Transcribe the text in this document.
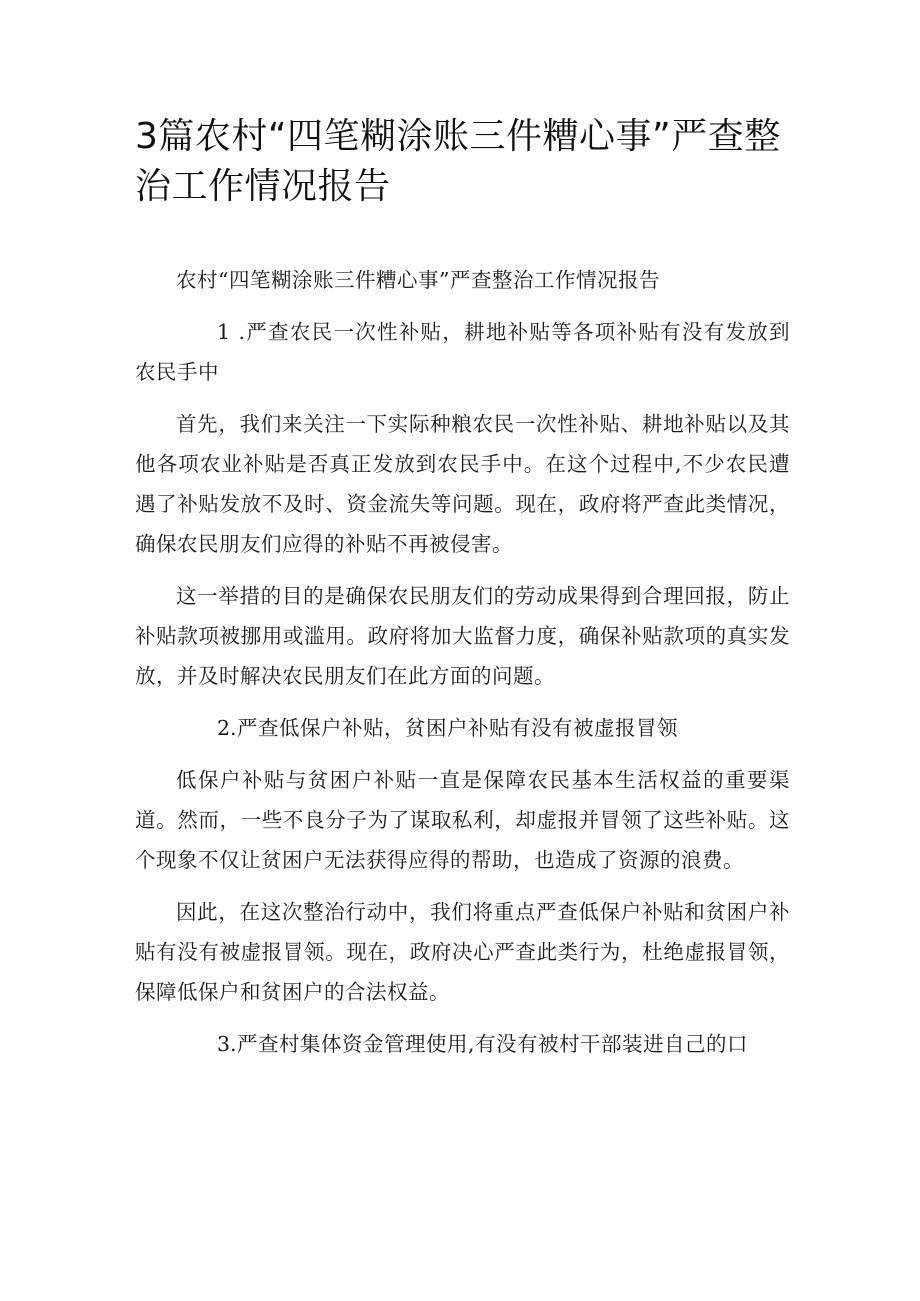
3篇农村“四笔糊涂账三件糟心事”严查整治工作情况报告

农村“四笔糊涂账三件糟心事”严查整治工作情况报告

1 .严查农民一次性补贴，耕地补贴等各项补贴有没有发放到农民手中

首先，我们来关注一下实际种粮农民一次性补贴、耕地补贴以及其他各项农业补贴是否真正发放到农民手中。在这个过程中,不少农民遭遇了补贴发放不及时、资金流失等问题。现在，政府将严查此类情况，确保农民朋友们应得的补贴不再被侵害。

这一举措的目的是确保农民朋友们的劳动成果得到合理回报，防止补贴款项被挪用或滥用。政府将加大监督力度，确保补贴款项的真实发放，并及时解决农民朋友们在此方面的问题。

2.严查低保户补贴，贫困户补贴有没有被虚报冒领

低保户补贴与贫困户补贴一直是保障农民基本生活权益的重要渠道。然而，一些不良分子为了谋取私利，却虚报并冒领了这些补贴。这个现象不仅让贫困户无法获得应得的帮助，也造成了资源的浪费。

因此，在这次整治行动中，我们将重点严查低保户补贴和贫困户补贴有没有被虚报冒领。现在，政府决心严查此类行为，杜绝虚报冒领，保障低保户和贫困户的合法权益。

3.严查村集体资金管理使用,有没有被村干部装进自己的口
